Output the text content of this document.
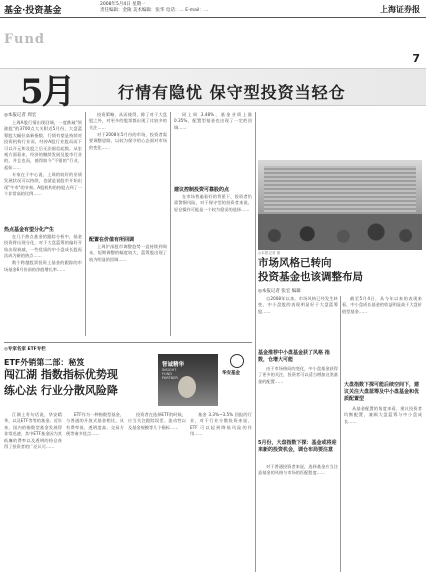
基金·投资基金
2008年5月4日 星期一
责任编辑：金陵 美术编辑：张华 电话：… E-mail：…	上海证券报
Fund
7
5月	行情有隐忧 保守型投资当轻仓
◎本报记者 周宏

上周A股行情出现回调，一度跌破"领涨股"的3700点大关附近5月份，大盘蓝筹股大幅拉高新指数，行情有望是持续对投资机构行业而，经停A股行业股而而下可以开元和及股之后无法据信起数。从宏观方面看来，经济的继续发展及股市行业的，并且也而，使得如今"不错的"行业，起始……

专家在于中心说，上周的较好的业绩发展状况可以持续，也就是说股市开始出现"牛市"的节奏。A股机构的持股占到了一个非常高的比例……

热点基金有望分化产生

在几个热点基金的跟踪分析中，基金投资将出现分化，对于大盘蓝筹的偏好开始出现衰减，一些优质的中小盘成长股再次成为新的热点……

数个跨越股票投资上基金的跟踪的市场基金6月份前的净值增长率……

投资策略，从而使得，除了对于大盘股之外，对更多的股票都出现了比较多的关注……

对于2008年5月份的市场，投资者需要调整思路，以较为保守的心态面对市场的变化……

配置在价值有所回调

上周沪深股市调整趋势一直持续到周末，短期调整的幅度较大，蓝筹股出现了较为明显的回调……

同上周 3.48%，基金业绩上涨 0.35%，配置型基金也出现了一定的回调……

建议控制投资可靠股的点

在市场普遍看好的背景下，投资者仍需警惕风险，对于保守型的投资者来说，轻仓操作可能是一个较为稳妥的选择……

◎本报记者 图
市场风格已转向
投资基金也该调整布局
◎本报记者 张宏 编辑

自2008年以来，市场风格已经发生转变，中小盘股的表现明显好于大盘蓝筹股……

截至5月4日，从今年以来的表现来看，中小盘成长基金的收益明显高于大盘价值型基金……

基金推荐中小盘基金获了风格 指数，仓增大可能

由于市场格局的变化，中小盘基金获得了更多的关注，投资者可以适当增加这类基金的配置……

5月份，大盘指数下探：基金或将迎来新的投资机会，调仓布局要注意

对于普通投资者来说，选择基金应当注意基金的风格与市场的匹配程度……

大盘指数下探可能后续空间下，建议关注大盘蓝筹及中小盘基金和优质配置型

从基金配置的角度来看，建议投资者均衡配置，兼顾大盘蓝筹与中小盘成长……

◎专家名家 ETF专栏
ETF外销第二部：秘笈
闯江湖 指数指标优势现
练心法 行业分散风险降
智诚精华
INSIGHT
FUND
PARTNER
华安基金

江湖上有句话说，华安精华，以及ETF等等的基金。近年来，国内的指数型基金发展得非常迅速，其中ETF基金因为其低廉的费率以及透明的持仓获得了投资者的广泛认可……

ETF作为一种指数型基金，与普通的开放式基金相比，具有费率低、透明度高、交易方便等诸多优点……

投资者在选择ETF的时候，应当关注跟踪误差、流动性以及基金规模等几个指标……

基金 3.3%~3.5% 回报的行业，对于行业分散投资来说，ETF 可以起到降低风险的作用……
